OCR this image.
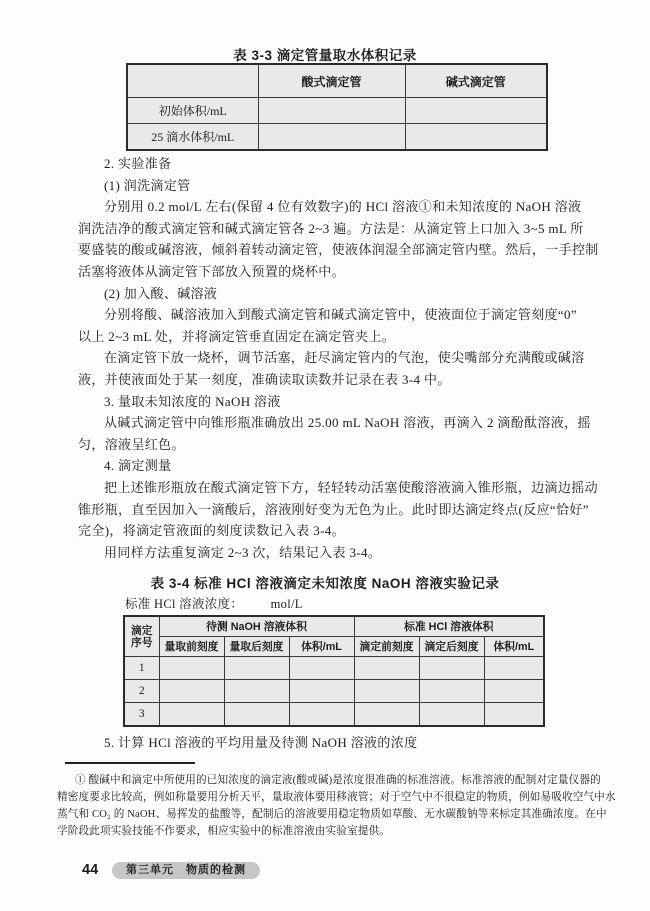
表 3-3 滴定管量取水体积记录
	酸式滴定管	碱式滴定管
初始体积/mL		
25 滴水体积/mL		
2. 实验准备
(1) 润洗滴定管
分别用 0.2 mol/L 左右(保留 4 位有效数字)的 HCl 溶液①和未知浓度的 NaOH 溶液
润洗洁净的酸式滴定管和碱式滴定管各 2~3 遍。方法是：从滴定管上口加入 3~5 mL 所
要盛装的酸或碱溶液，倾斜着转动滴定管，使液体润湿全部滴定管内壁。然后，一手控制
活塞将液体从滴定管下部放入预置的烧杯中。
(2) 加入酸、碱溶液
分别将酸、碱溶液加入到酸式滴定管和碱式滴定管中，使液面位于滴定管刻度“0”
以上 2~3 mL 处，并将滴定管垂直固定在滴定管夹上。
在滴定管下放一烧杯，调节活塞，赶尽滴定管内的气泡，使尖嘴部分充满酸或碱溶
液，并使液面处于某一刻度，准确读取读数并记录在表 3-4 中。
3. 量取未知浓度的 NaOH 溶液
从碱式滴定管中向锥形瓶准确放出 25.00 mL NaOH 溶液，再滴入 2 滴酚酞溶液，摇
匀，溶液呈红色。
4. 滴定测量
把上述锥形瓶放在酸式滴定管下方，轻轻转动活塞使酸溶液滴入锥形瓶，边滴边摇动
锥形瓶，直至因加入一滴酸后，溶液刚好变为无色为止。此时即达滴定终点(反应“恰好”
完全)，将滴定管液面的刻度读数记入表 3-4。
用同样方法重复滴定 2~3 次，结果记入表 3-4。
表 3-4 标准 HCl 溶液滴定未知浓度 NaOH 溶液实验记录
标准 HCl 溶液浓度： mol/L
滴定
序号	待测 NaOH 溶液体积			标准 HCl 溶液体积		
	量取前刻度	量取后刻度	体积/mL	滴定前刻度	滴定后刻度	体积/mL
1						
2						
3						
5. 计算 HCl 溶液的平均用量及待测 NaOH 溶液的浓度
① 酸碱中和滴定中所使用的已知浓度的滴定液(酸或碱)是浓度很准确的标准溶液。标准溶液的配制对定量仪器的
精密度要求比较高，例如称量要用分析天平，量取液体要用移液管；对于空气中不很稳定的物质，例如易吸收空气中水
蒸气和 CO₂ 的 NaOH、易挥发的盐酸等，配制后的溶液要用稳定物质如草酸、无水碳酸钠等来标定其准确浓度。在中
学阶段此项实验技能不作要求，相应实验中的标准溶液由实验室提供。
44	第三单元　物质的检测
